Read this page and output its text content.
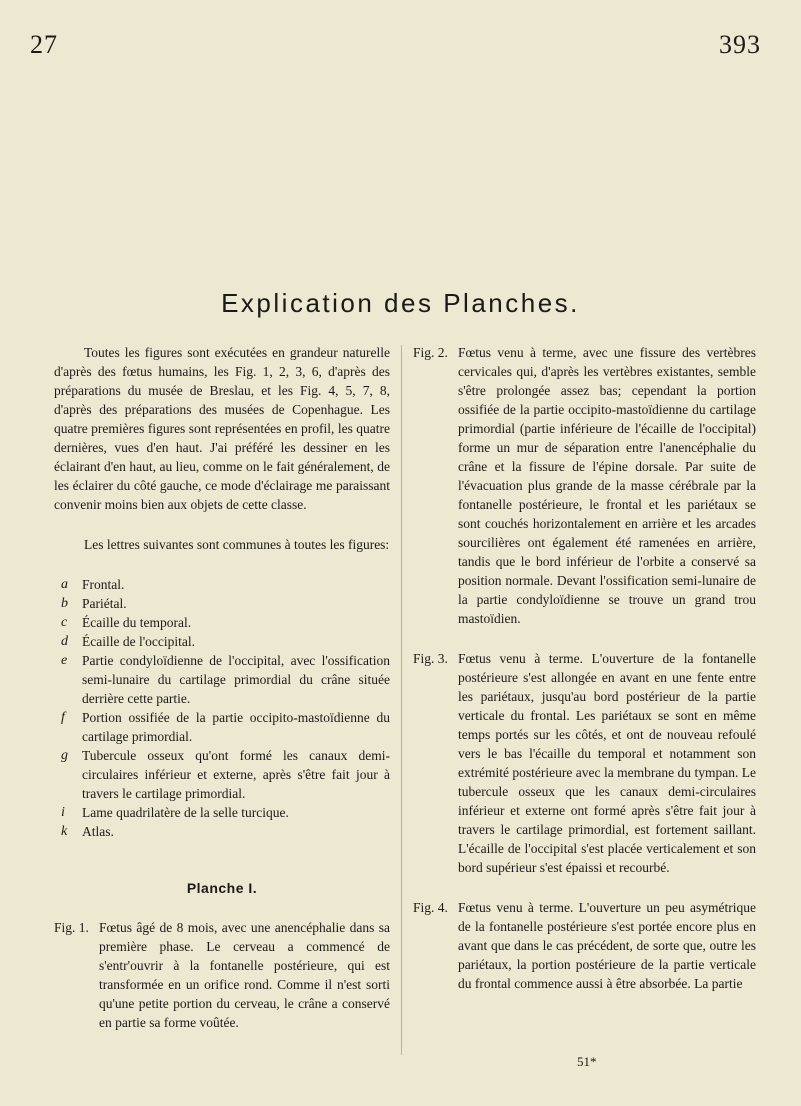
27	393
Explication des Planches.

Toutes les figures sont exécutées en grandeur naturelle d'après des fœtus humains, les Fig. 1, 2, 3, 6, d'après des préparations du musée de Breslau, et les Fig. 4, 5, 7, 8, d'après des préparations des musées de Copenhague. Les quatre premières figures sont représentées en profil, les quatre dernières, vues d'en haut. J'ai préféré les dessiner en les éclairant d'en haut, au lieu, comme on le fait généralement, de les éclairer du côté gauche, ce mode d'éclairage me paraissant convenir moins bien aux objets de cette classe.

Les lettres suivantes sont communes à toutes les figures:

a	Frontal.
b	Pariétal.
c	Écaille du temporal.
d	Écaille de l'occipital.
e	Partie condyloïdienne de l'occipital, avec l'ossification semi-lunaire du cartilage primordial du crâne située derrière cette partie.
f	Portion ossifiée de la partie occipito-mastoïdienne du cartilage primordial.
g	Tubercule osseux qu'ont formé les canaux demi-circulaires inférieur et externe, après s'être fait jour à travers le cartilage primordial.
i	Lame quadrilatère de la selle turcique.
k	Atlas.
Planche I.
Fig. 1. Fœtus âgé de 8 mois, avec une anencéphalie dans sa première phase. Le cerveau a commencé de s'entr'ouvrir à la fontanelle postérieure, qui est transformée en un orifice rond. Comme il n'est sorti qu'une petite portion du cerveau, le crâne a conservé en partie sa forme voûtée.
Fig. 2. Fœtus venu à terme, avec une fissure des vertèbres cervicales qui, d'après les vertèbres existantes, semble s'être prolongée assez bas; cependant la portion ossifiée de la partie occipito-mastoïdienne du cartilage primordial (partie inférieure de l'écaille de l'occipital) forme un mur de séparation entre l'anencéphalie du crâne et la fissure de l'épine dorsale. Par suite de l'évacuation plus grande de la masse cérébrale par la fontanelle postérieure, le frontal et les pariétaux se sont couchés horizontalement en arrière et les arcades sourcilières ont également été ramenées en arrière, tandis que le bord inférieur de l'orbite a conservé sa position normale. Devant l'ossification semi-lunaire de la partie condyloïdienne se trouve un grand trou mastoïdien.
Fig. 3. Fœtus venu à terme. L'ouverture de la fontanelle postérieure s'est allongée en avant en une fente entre les pariétaux, jusqu'au bord postérieur de la partie verticale du frontal. Les pariétaux se sont en même temps portés sur les côtés, et ont de nouveau refoulé vers le bas l'écaille du temporal et notamment son extrémité postérieure avec la membrane du tympan. Le tubercule osseux que les canaux demi-circulaires inférieur et externe ont formé après s'être fait jour à travers le cartilage primordial, est fortement saillant. L'écaille de l'occipital s'est placée verticalement et son bord supérieur s'est épaissi et recourbé.
Fig. 4. Fœtus venu à terme. L'ouverture un peu asymétrique de la fontanelle postérieure s'est portée encore plus en avant que dans le cas précédent, de sorte que, outre les pariétaux, la portion postérieure de la partie verticale du frontal commence aussi à être absorbée. La partie
51*
